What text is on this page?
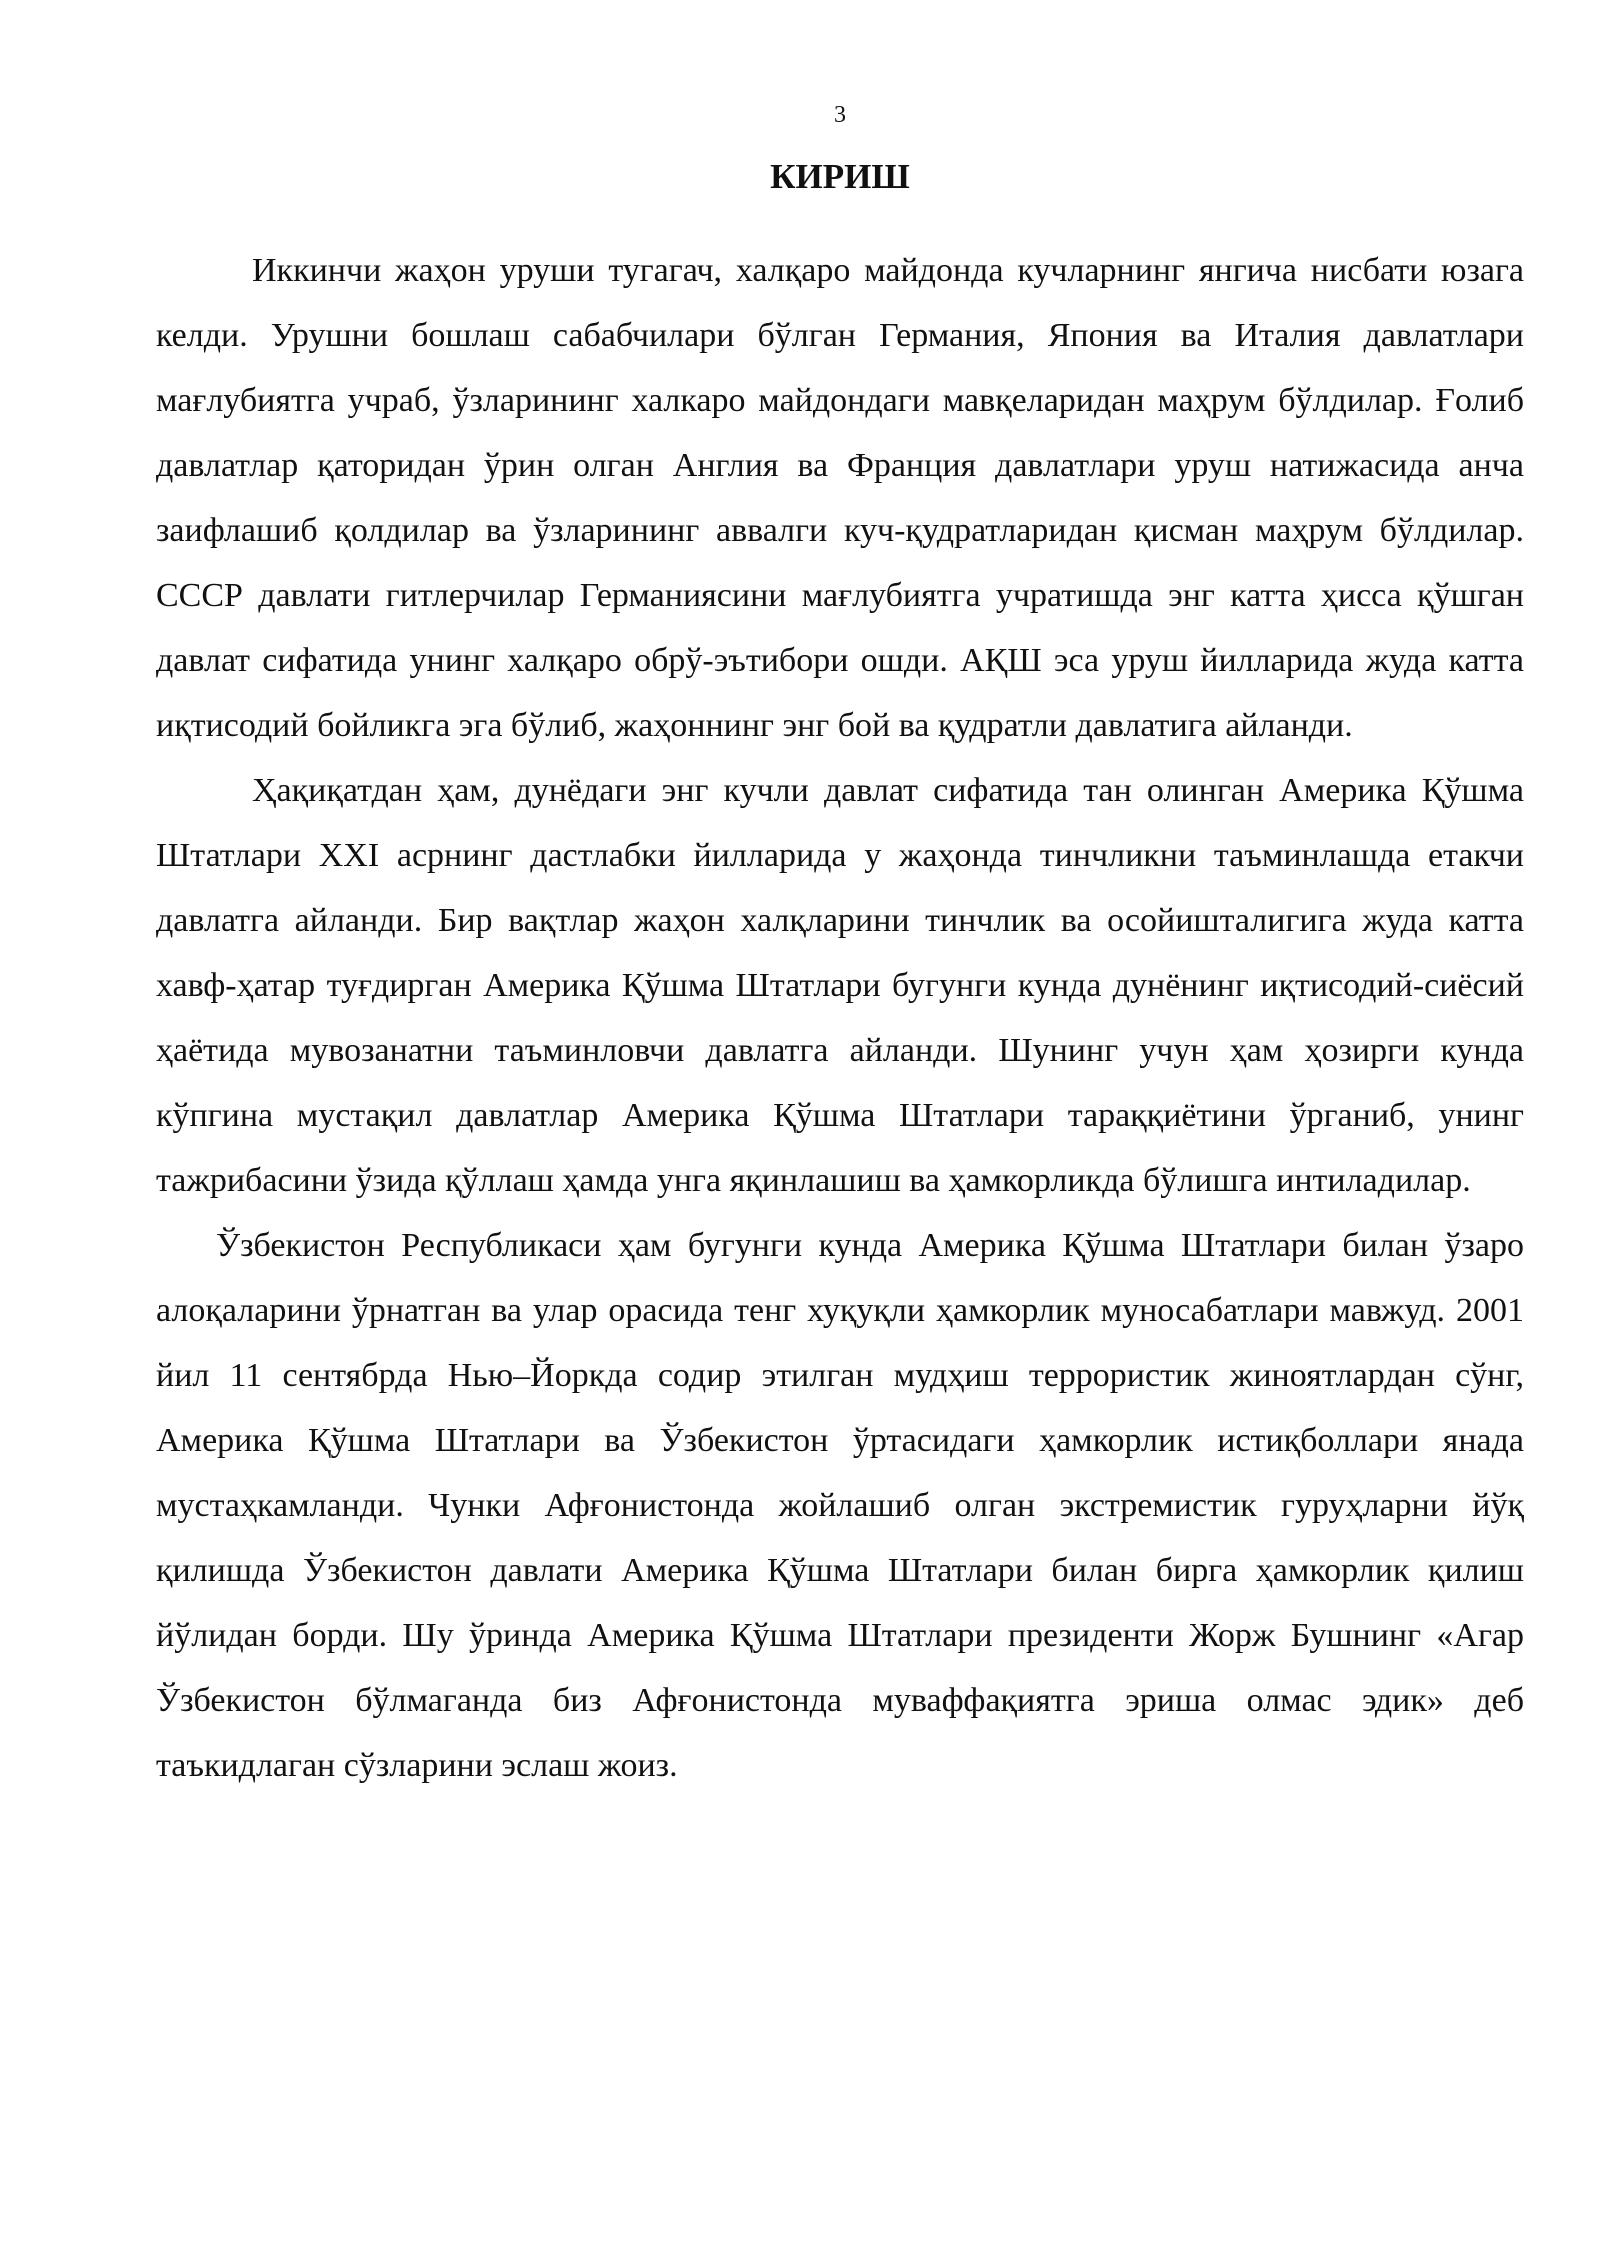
3
КИРИШ

Иккинчи жаҳон уруши тугагач, халқаро майдонда кучларнинг янгича нисбати юзага келди. Урушни бошлаш сабабчилари бўлган Германия, Япония ва Италия давлатлари мағлубиятга учраб, ўзларининг халкаро майдондаги мавқеларидан маҳрум бўлдилар. Ғолиб давлатлар қаторидан ўрин олган Англия ва Франция давлатлари уруш натижасида анча заифлашиб қолдилар ва ўзларининг аввалги куч-қудратларидан қисман маҳрум бўлдилар. СССР давлати гитлерчилар Германиясини мағлубиятга учратишда энг катта ҳисса қўшган давлат сифатида унинг халқаро обрў-эътибори ошди. АҚШ эса уруш йилларида жуда катта иқтисодий бойликга эга бўлиб, жаҳоннинг энг бой ва қудратли давлатига айланди.

Ҳақиқатдан ҳам, дунёдаги энг кучли давлат сифатида тан олинган Америка Қўшма Штатлари XXI асрнинг дастлабки йилларида у жаҳонда тинчликни таъминлашда етакчи давлатга айланди. Бир вақтлар жаҳон халқларини тинчлик ва осойишталигига жуда катта хавф-ҳатар туғдирган Америка Қўшма Штатлари бугунги кунда дунёнинг иқтисодий-сиёсий ҳаётида мувозанатни таъминловчи давлатга айланди. Шунинг учун ҳам ҳозирги кунда кўпгина мустақил давлатлар Америка Қўшма Штатлари тараққиётини ўрганиб, унинг тажрибасини ўзида қўллаш ҳамда унга яқинлашиш ва ҳамкорликда бўлишга интиладилар.

Ўзбекистон Республикаси ҳам бугунги кунда Америка Қўшма Штатлари билан ўзаро алоқаларини ўрнатган ва улар орасида тенг хуқуқли ҳамкорлик муносабатлари мавжуд. 2001 йил 11 сентябрда Нью–Йоркда содир этилган мудҳиш террористик жиноятлардан сўнг, Америка Қўшма Штатлари ва Ўзбекистон ўртасидаги ҳамкорлик истиқболлари янада мустаҳкамланди. Чунки Афғонистонда жойлашиб олган экстремистик гуруҳларни йўқ қилишда Ўзбекистон давлати Америка Қўшма Штатлари билан бирга ҳамкорлик қилиш йўлидан борди. Шу ўринда Америка Қўшма Штатлари президенти Жорж Бушнинг «Агар Ўзбекистон бўлмаганда биз Афғонистонда муваффақиятга эриша олмас эдик» деб таъкидлаган сўзларини эслаш жоиз.
